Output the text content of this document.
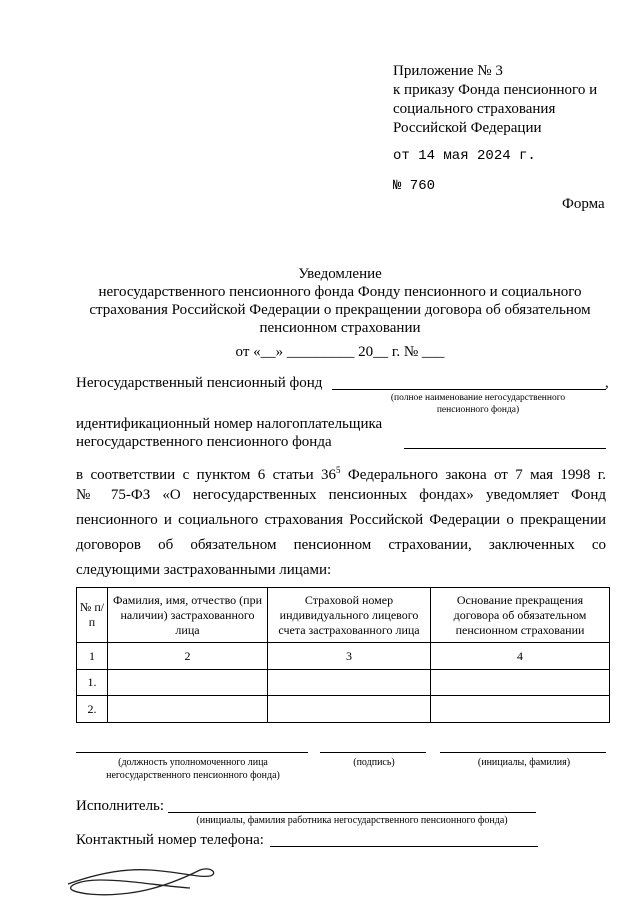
Приложение № 3
к приказу Фонда пенсионного и
социального страхования
Российской Федерации
от 14 мая 2024 г.
№ 760
Форма
Уведомление
негосударственного пенсионного фонда Фонду пенсионного и социального
страхования Российской Федерации о прекращении договора об обязательном
пенсионном страховании
от «__» _________ 20__ г. № ___
Негосударственный пенсионный фонд	,
(полное наименование негосударственного пенсионного фонда)
идентификационный номер налогоплательщика
негосударственного пенсионного фонда
в соответствии с пунктом 6 статьи $36^5$ Федерального закона от 7 мая 1998 г.
№ 75-ФЗ «О негосударственных пенсионных фондах» уведомляет Фонд
пенсионного и социального страхования Российской Федерации о прекращении
договоров об обязательном пенсионном страховании, заключенных со
следующими застрахованными лицами:
№ п/п	Фамилия, имя, отчество (при наличии) застрахованного лица	Страховой номер индивидуального лицевого счета застрахованного лица	Основание прекращения договора об обязательном пенсионном страховании
1	2	3	4
1.			
2.			
(должность уполномоченного лица негосударственного пенсионного фонда)
(подпись)	(инициалы, фамилия)
Исполнитель:
(инициалы, фамилия работника негосударственного пенсионного фонда)
Контактный номер телефона:
